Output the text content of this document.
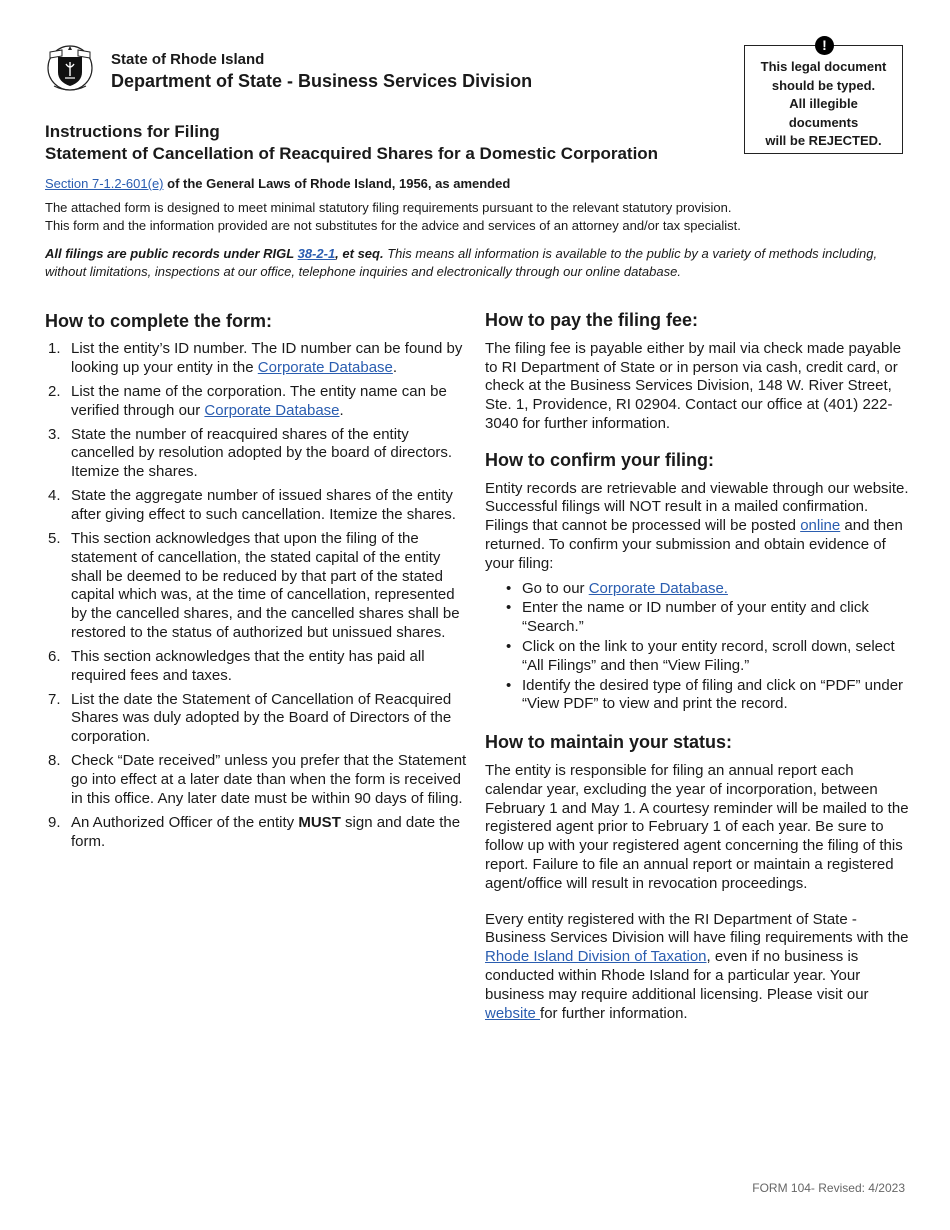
State of Rhode Island
Department of State - Business Services Division
!
This legal document
should be typed.
All illegible
documents
will be REJECTED.
Instructions for Filing
Statement of Cancellation of Reacquired Shares for a Domestic Corporation
Section 7-1.2-601(e) of the General Laws of Rhode Island, 1956, as amended
The attached form is designed to meet minimal statutory filing requirements pursuant to the relevant statutory provision.
This form and the information provided are not substitutes for the advice and services of an attorney and/or tax specialist.
All filings are public records under RIGL 38-2-1, et seq. This means all information is available to the public by a variety of methods including, without limitations, inspections at our office, telephone inquiries and electronically through our online database.
How to complete the form:
1. List the entity’s ID number. The ID number can be found by looking up your entity in the Corporate Database.
2. List the name of the corporation. The entity name can be verified through our Corporate Database.
3. State the number of reacquired shares of the entity cancelled by resolution adopted by the board of directors. Itemize the shares.
4. State the aggregate number of issued shares of the entity after giving effect to such cancellation. Itemize the shares.
5. This section acknowledges that upon the filing of the statement of cancellation, the stated capital of the entity shall be deemed to be reduced by that part of the stated capital which was, at the time of cancellation, represented by the cancelled shares, and the cancelled shares shall be restored to the status of authorized but unissued shares.
6. This section acknowledges that the entity has paid all required fees and taxes.
7. List the date the Statement of Cancellation of Reacquired Shares was duly adopted by the Board of Directors of the corporation.
8. Check “Date received” unless you prefer that the Statement go into effect at a later date than when the form is received in this office. Any later date must be within 90 days of filing.
9. An Authorized Officer of the entity MUST sign and date the form.
How to pay the filing fee:

The filing fee is payable either by mail via check made payable to RI Department of State or in person via cash, credit card, or check at the Business Services Division, 148 W. River Street, Ste. 1, Providence, RI 02904. Contact our office at (401) 222-3040 for further information.

How to confirm your filing:

Entity records are retrievable and viewable through our website. Successful filings will NOT result in a mailed confirmation. Filings that cannot be processed will be posted online and then returned. To confirm your submission and obtain evidence of your filing:

• Go to our Corporate Database.
• Enter the name or ID number of your entity and click “Search.”
• Click on the link to your entity record, scroll down, select “All Filings” and then “View Filing.”
• Identify the desired type of filing and click on “PDF” under “View PDF” to view and print the record.
How to maintain your status:

The entity is responsible for filing an annual report each calendar year, excluding the year of incorporation, between February 1 and May 1. A courtesy reminder will be mailed to the registered agent prior to February 1 of each year. Be sure to follow up with your registered agent concerning the filing of this report. Failure to file an annual report or maintain a registered agent/office will result in revocation proceedings.

Every entity registered with the RI Department of State - Business Services Division will have filing requirements with the Rhode Island Division of Taxation, even if no business is conducted within Rhode Island for a particular year. Your business may require additional licensing. Please visit our website for further information.

FORM 104- Revised: 4/2023
